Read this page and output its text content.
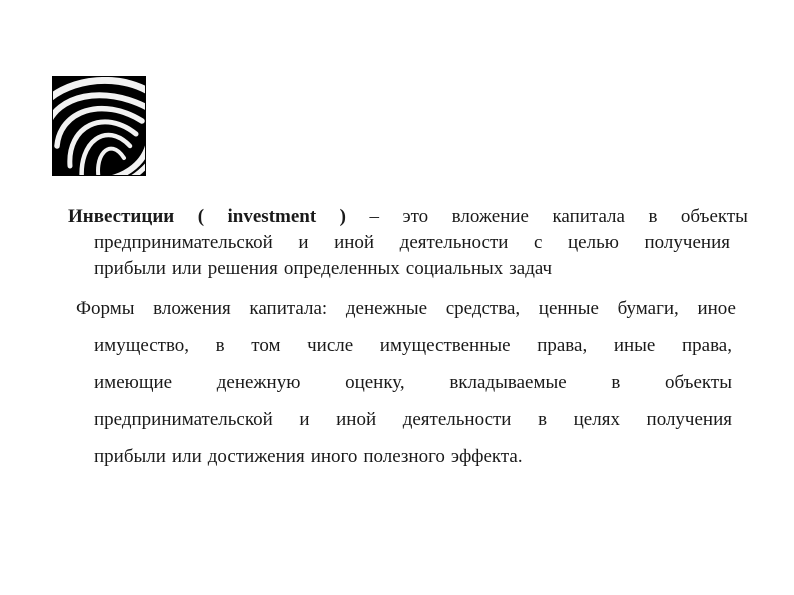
Инвестиции ( investment ) – это вложение капитала в объекты
предпринимательской и иной деятельности с целью получения
прибыли или решения определенных социальных задач
Формы вложения капитала: денежные средства, ценные бумаги, иное
имущество, в том числе имущественные права, иные права,
имеющие денежную оценку, вкладываемые в объекты
предпринимательской и иной деятельности в целях получения
прибыли или достижения иного полезного эффекта.
